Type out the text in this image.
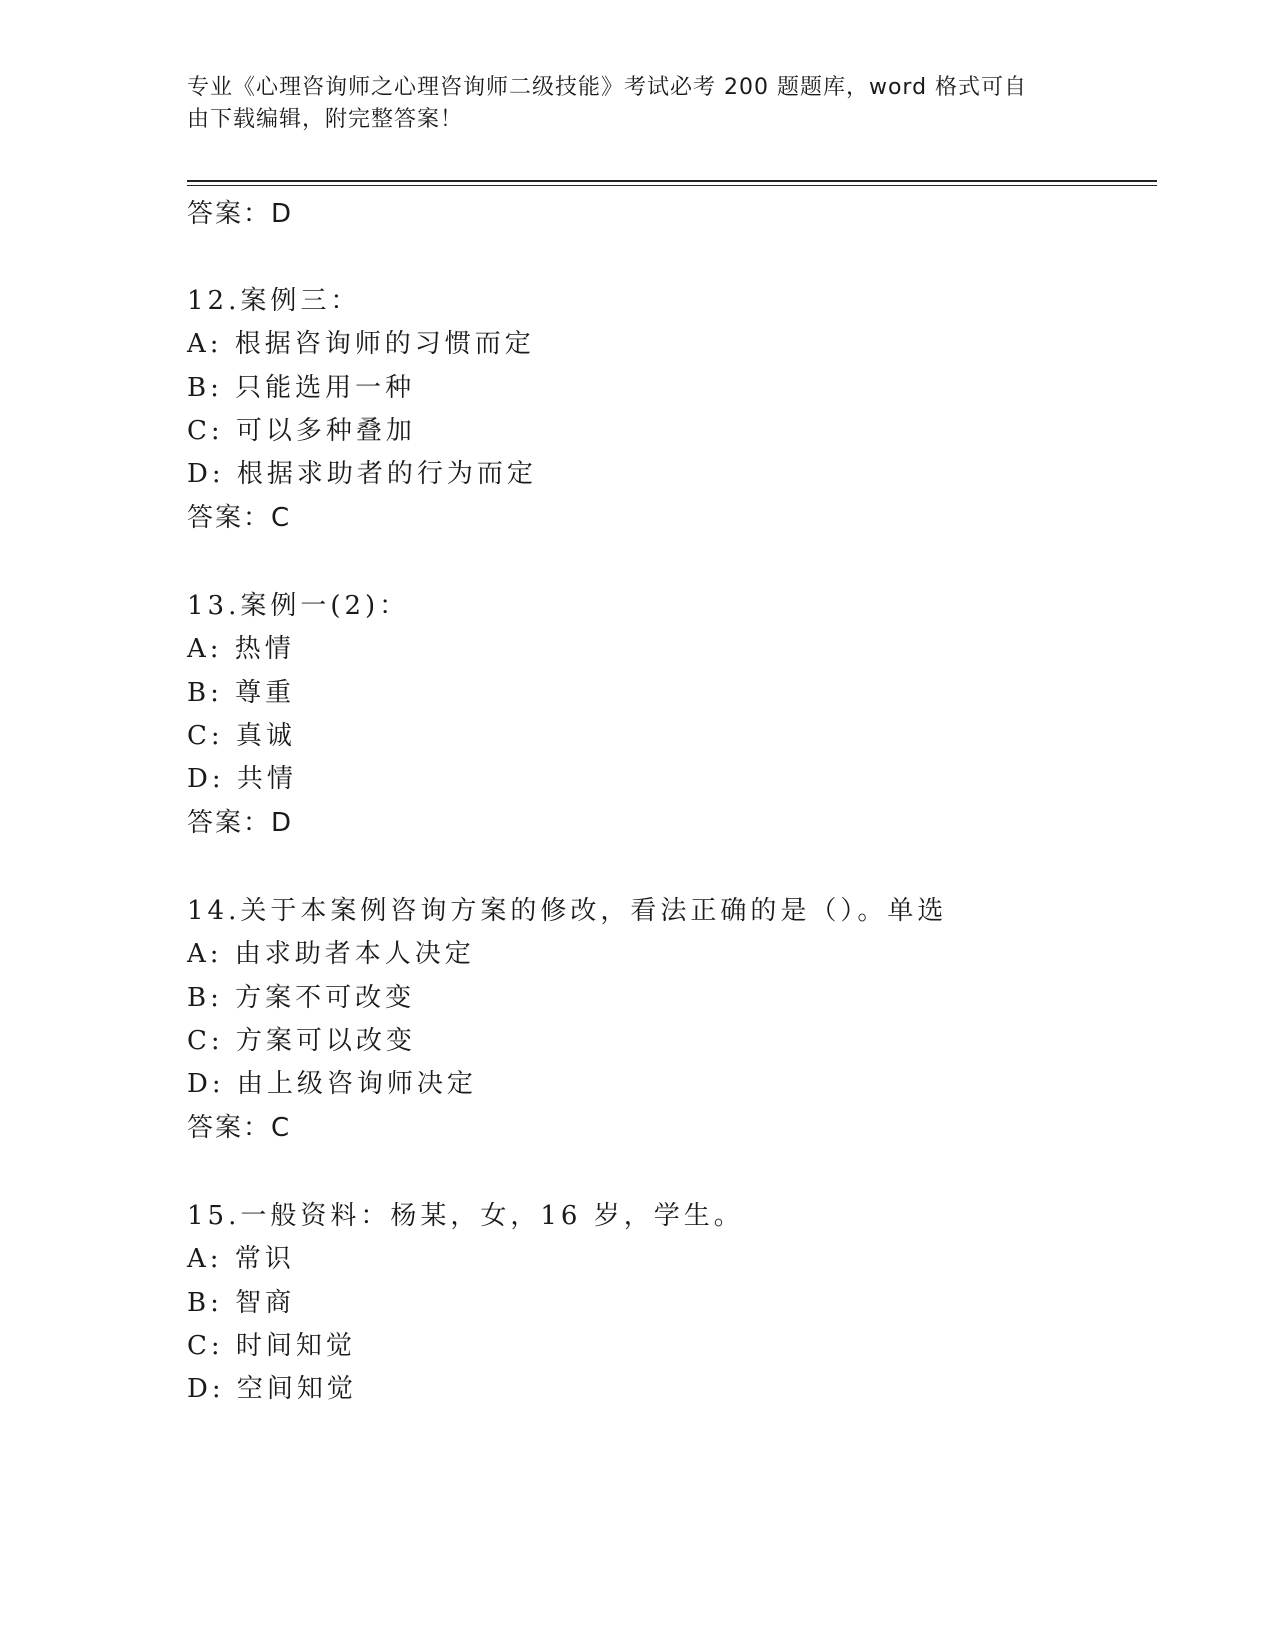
专业《心理咨询师之心理咨询师二级技能》考试必考 200 题题库，word 格式可自
由下载编辑，附完整答案！
答案：D
12.案例三：
A: 根据咨询师的习惯而定
B: 只能选用一种
C: 可以多种叠加
D: 根据求助者的行为而定
答案：C
13.案例一(2)：
A: 热情
B: 尊重
C: 真诚
D: 共情
答案：D
14.关于本案例咨询方案的修改，看法正确的是（）。单选
A: 由求助者本人决定
B: 方案不可改变
C: 方案可以改变
D: 由上级咨询师决定
答案：C
15.一般资料：杨某，女，16 岁，学生。
A: 常识
B: 智商
C: 时间知觉
D: 空间知觉
